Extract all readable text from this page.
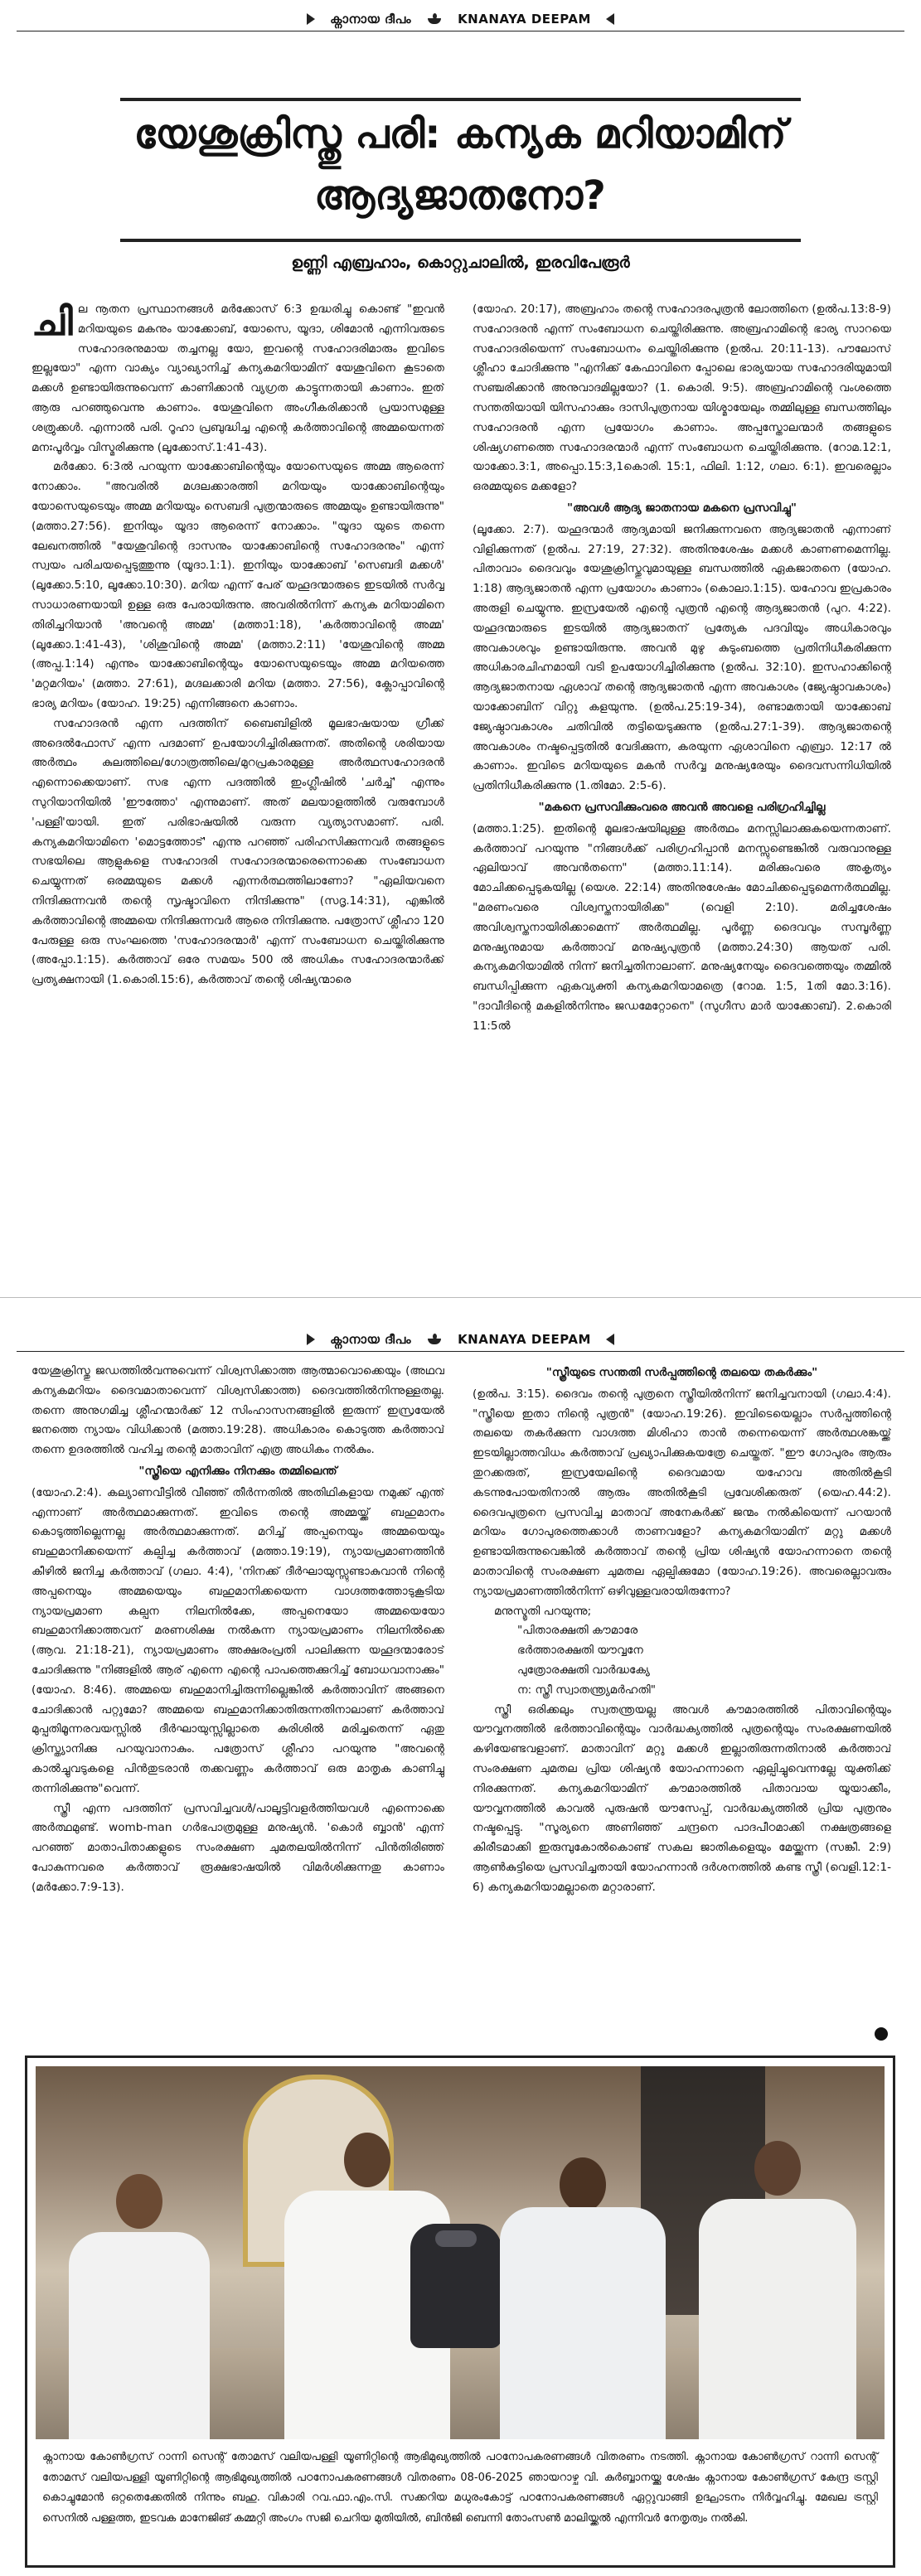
ക്നാനായ ദീപം	KNANAYA DEEPAM
യേശുക്രിസ്തു പരി: കന്യക മറിയാമിന്
ആദ്യജാതനോ?
ഉണ്ണി എബ്രഹാം, കൊറ്റുചാലിൽ, ഇരവിപേരൂർ

ചില നൂതന പ്രസ്ഥാനങ്ങൾ മർക്കോസ് 6:3 ഉദ്ധരിച്ചു കൊണ്ട് "ഇവൻ മറിയയുടെ മകനും യാക്കോബ്, യോസെ, യൂദാ, ശിമോൻ എന്നിവരുടെ സഹോദരനുമായ തച്ചനല്ല യോ, ഇവന്റെ സഹോദരിമാരും ഇവിടെ ഇല്ലയോ" എന്ന വാക്യം വ്യാഖ്യാനിച്ച് കന്യകമറിയാമിന് യേശുവിനെ കൂടാതെ മക്കൾ ഉണ്ടായിരുന്നുവെന്ന് കാണിക്കാൻ വ്യഗ്രത കാട്ടുന്നതായി കാണാം. ഇത് ആരു പറഞ്ഞുവെന്നു കാണാം. യേശുവിനെ അംഗീകരിക്കാൻ പ്രയാസമുള്ള ശത്രുക്കൾ. എന്നാൽ പരി. റൂഹാ പ്രബുദ്ധിച്ച എന്റെ കർത്താവിന്റെ അമ്മയെന്നത് മനഃപൂർവ്വം വിസ്മരിക്കുന്നു (ലൂക്കോസ്.1:41-43).

മർക്കോ. 6:3ൽ പറയുന്ന യാക്കോബിന്റെയും യോസെയുടെ അമ്മ ആരെന്ന് നോക്കാം. "അവരിൽ മഗ്ദലക്കാരത്തി മറിയയും യാക്കോബിന്റെയും യോസെയുടെയും അമ്മ മറിയയും സെബദി പുത്രന്മാരുടെ അമ്മയും ഉണ്ടായിരുന്നു" (മത്താ.27:56). ഇനിയും യൂദാ ആരെന്ന് നോക്കാം. "യൂദാ യുടെ തന്നെ ലേഖനത്തിൽ "യേശുവിന്റെ ദാസനും യാക്കോബിന്റെ സഹോദരനും" എന്ന് സ്വയം പരിചയപ്പെടുത്തുന്നു (യൂദാ.1:1). ഇനിയും യാക്കോബ് 'സെബദി മക്കൾ' (ലൂക്കോ.5:10, ലൂക്കോ.10:30). മറിയ എന്ന് പേര് യഹൂദന്മാരുടെ ഇടയിൽ സർവ്വ സാധാരണയായി ഉള്ള ഒരു പേരായിരുന്നു. അവരിൽനിന്ന് കന്യക മറിയാമിനെ തിരിച്ചറിയാൻ 'അവന്റെ അമ്മ' (മത്താ1:18), 'കർത്താവിന്റെ അമ്മ' (ലൂക്കോ.1:41-43), 'ശിശുവിന്റെ അമ്മ' (മത്താ.2:11) 'യേശുവിന്റെ അമ്മ (അപ്പ.1:14) എന്നും യാക്കോബിന്റെയും യോസെയുടെയും അമ്മ മറിയത്തെ 'മറ്റമറിയം' (മത്താ. 27:61), മഗ്ദലക്കാരി മറിയ (മത്താ. 27:56), ക്ലോപ്പാവിന്റെ ഭാര്യ മറിയം (യോഹ. 19:25) എന്നിങ്ങനെ കാണാം.

സഹോദരൻ എന്ന പദത്തിന് ബൈബിളിൽ മൂലഭാഷയായ ഗ്രീക്ക് അദെൽഫോസ് എന്ന പദമാണ് ഉപയോഗിച്ചിരിക്കുന്നത്. അതിന്റെ ശരിയായ അർത്ഥം കുലത്തിലെ/ഗോത്രത്തിലെ/മുറപ്രകാരമുള്ള അർത്ഥസഹോദരൻ എന്നൊക്കെയാണ്. സഭ എന്ന പദത്തിൽ ഇംഗ്ലീഷിൽ 'ചർച്ച്' എന്നും സുറിയാനിയിൽ 'ഈത്തോ' എന്നുമാണ്. അത് മലയാളത്തിൽ വരുമ്പോൾ 'പള്ളി'യായി. ഇത് പരിഭാഷയിൽ വരുന്ന വ്യത്യാസമാണ്. പരി. കന്യകമറിയാമിനെ 'മൊട്ടത്തോട്' എന്നു പറഞ്ഞ് പരിഹസിക്കുന്നവർ തങ്ങളുടെ സഭയിലെ ആളുകളെ സഹോദരി സഹോദരന്മാരെന്നൊക്കെ സംബോധന ചെയ്യുന്നത് ഒരമ്മയുടെ മക്കൾ എന്നർത്ഥത്തിലാണോ? "ഏലിയവനെ നിന്ദിക്കുന്നവൻ തന്റെ സൃഷ്ടാവിനെ നിന്ദിക്കുന്നു" (സദൃ.14:31), എങ്കിൽ കർത്താവിന്റെ അമ്മയെ നിന്ദിക്കുന്നവർ ആരെ നിന്ദിക്കുന്നു. പത്രോസ് ശ്ലീഹാ 120 പേരുള്ള ഒരു സംഘത്തെ 'സഹോദരന്മാർ' എന്ന് സംബോധന ചെയ്തിരിക്കുന്നു (അപ്പോ.1:15). കർത്താവ് ഒരേ സമയം 500 ൽ അധികം സഹോദരന്മാർക്ക് പ്രത്യക്ഷനായി (1.കൊരി.15:6), കർത്താവ് തന്റെ ശിഷ്യന്മാരെ

(യോഹ. 20:17), അബ്രഹാം തന്റെ സഹോദരപുത്രൻ ലോത്തിനെ (ഉൽപ.13:8-9) സഹോദരൻ എന്ന് സംബോധന ചെയ്തിരിക്കുന്നു. അബ്രഹാമിന്റെ ഭാര്യ സാറയെ സഹോദരിയെന്ന് സംബോധനം ചെയ്തിരിക്കുന്നു (ഉൽപ. 20:11-13). പൗലോസ് ശ്ലീഹാ ചോദിക്കുന്നു "എനിക്ക് കേഫാവിനെ പ്പോലെ ഭാര്യയായ സഹോദരിയുമായി സഞ്ചരിക്കാൻ അനുവാദമില്ലയോ? (1. കൊരി. 9:5). അബ്രഹാമിന്റെ വംശത്തെ സന്തതിയായി യിസഹാക്കും ദാസിപുത്രനായ യിശ്മായേലും തമ്മിലുള്ള ബന്ധത്തിലും സഹോദരൻ എന്ന പ്രയോഗം കാണാം. അപ്പസ്തോലന്മാർ തങ്ങളുടെ ശിഷ്യഗണത്തെ സഹോദരന്മാർ എന്ന് സംബോധന ചെയ്തിരിക്കുന്നു. (റോമ.12:1, യാക്കോ.3:1, അപ്പൊ.15:3,1കൊരി. 15:1, ഫിലി. 1:12, ഗലാ. 6:1). ഇവരെല്ലാം ഒരമ്മയുടെ മക്കളോ?

"അവൾ ആദ്യ ജാതനായ മകനെ പ്രസവിച്ചു"

(ലൂക്കോ. 2:7). യഹൂദന്മാർ ആദ്യമായി ജനിക്കുന്നവനെ ആദ്യജാതൻ എന്നാണ് വിളിക്കുന്നത് (ഉൽപ. 27:19, 27:32). അതിനുശേഷം മക്കൾ കാണണമെന്നില്ല. പിതാവാം ദൈവവും യേശുക്രിസ്തുവുമായുള്ള ബന്ധത്തിൽ ഏകജാതനെ (യോഹ. 1:18) ആദ്യജാതൻ എന്ന പ്രയോഗം കാണാം (കൊലാ.1:15). യഹോവ ഇപ്രകാരം അരുളി ചെയ്യുന്നു. ഇസ്രയേൽ എന്റെ പുത്രൻ എന്റെ ആദ്യജാതൻ (പുറ. 4:22). യഹൂദന്മാരുടെ ഇടയിൽ ആദ്യജാതന് പ്രത്യേക പദവിയും അധികാരവും അവകാശവും ഉണ്ടായിരുന്നു. അവൻ മുഴു കുടുംബത്തെ പ്രതിനിധീകരിക്കുന്ന അധികാരചിഹ്നമായി വടി ഉപയോഗിച്ചിരിക്കുന്നു (ഉൽപ. 32:10). ഇസഹാക്കിന്റെ ആദ്യജാതനായ ഏശാവ് തന്റെ ആദ്യജാതൻ എന്ന അവകാശം (ജ്യേഷ്ഠാവകാശം) യാക്കോബിന് വിറ്റു കളയുന്നു. (ഉൽപ.25:19-34), രണ്ടാമതായി യാക്കോബ് ജ്യേഷ്ഠാവകാശം ചതിവിൽ തട്ടിയെടുക്കുന്നു (ഉൽപ.27:1-39). ആദ്യജാതന്റെ അവകാശം നഷ്ടപ്പെട്ടതിൽ വേദിക്കുന്ന, കരയുന്ന ഏശാവിനെ എബ്രാ. 12:17 ൽ കാണാം. ഇവിടെ മറിയയുടെ മകൻ സർവ്വ മനുഷ്യരേയും ദൈവസന്നിധിയിൽ പ്രതിനിധീകരിക്കുന്നു (1.തിമോ. 2:5-6).

"മകനെ പ്രസവിക്കുംവരെ അവൻ അവളെ പരിഗ്രഹിച്ചില്ല

(മത്താ.1:25). ഇതിന്റെ മൂലഭാഷയിലുള്ള അർത്ഥം മനസ്സിലാക്കുകയെന്നതാണ്. കർത്താവ് പറയുന്നു "നിങ്ങൾക്ക് പരിഗ്രഹിപ്പാൻ മനസ്സുണ്ടെങ്കിൽ വരുവാനുള്ള ഏലിയാവ് അവൻതന്നെ" (മത്താ.11:14). മരിക്കുംവരെ അകൃത്യം മോചിക്കപ്പെടുകയില്ല (യെശ. 22:14) അതിനുശേഷം മോചിക്കപ്പെടുമെന്നർത്ഥമില്ല. "മരണംവരെ വിശ്വസ്തനായിരിക്ക" (വെളി 2:10). മരിച്ചശേഷം അവിശ്വസ്തനായിരിക്കാമെന്ന് അർത്ഥമില്ല. പൂർണ്ണ ദൈവവും സമ്പൂർണ്ണ മനുഷ്യനുമായ കർത്താവ് മനുഷ്യപുത്രൻ (മത്താ.24:30) ആയത് പരി. കന്യകമറിയാമിൽ നിന്ന് ജനിച്ചതിനാലാണ്. മനുഷ്യനേയും ദൈവത്തെയും തമ്മിൽ ബന്ധിപ്പിക്കുന്ന ഏകവ്യക്തി കന്യകമറിയാമത്രെ (റോമ. 1:5, 1തി മോ.3:16). "ദാവീദിന്റെ മകളിൽനിന്നും ജഡമേറ്റോനെ" (സുഗീസ മാർ യാക്കോബ്). 2.കൊരി 11:5ൽ

ക്നാനായ ദീപം	KNANAYA DEEPAM

യേശുക്രിസ്തു ജഡത്തിൽവന്നുവെന്ന് വിശ്വസിക്കാത്ത ആത്മാവൊക്കെയും (അഥവ കന്യകമറിയം ദൈവമാതാവെന്ന് വിശ്വസിക്കാത്ത) ദൈവത്തിൽനിന്നുള്ളതല്ല. തന്നെ അനുഗമിച്ച ശ്ലീഹന്മാർക്ക് 12 സിംഹാസനങ്ങളിൽ ഇരുന്ന് ഇസ്രയേൽ ജനത്തെ ന്യായം വിധിക്കാൻ (മത്താ.19:28). അധികാരം കൊടുത്ത കർത്താവ് തന്നെ ഉദരത്തിൽ വഹിച്ച തന്റെ മാതാവിന് എത്ര അധികം നൽകും.

"സ്ത്രീയെ എനിക്കും നിനക്കും തമ്മിലെന്ത്

(യോഹ.2:4). കല്യാണവീട്ടിൽ വീഞ്ഞ് തീർന്നതിൽ അതിഥികളായ നമുക്ക് എന്ത് എന്നാണ് അർത്ഥമാക്കുന്നത്. ഇവിടെ തന്റെ അമ്മയ്ക്ക് ബഹുമാനം കൊടുത്തില്ലെന്നല്ല അർത്ഥമാക്കുന്നത്. മറിച്ച് അപ്പനെയും അമ്മയെയും ബഹുമാനിക്കയെന്ന് കല്പിച്ച കർത്താവ് (മത്താ.19:19), ന്യായപ്രമാണത്തിൻ കീഴിൽ ജനിച്ച കർത്താവ് (ഗലാ. 4:4), 'നിനക്ക് ദീർഘായുസ്സുണ്ടാകുവാൻ നിന്റെ അപ്പനെയും അമ്മയെയും ബഹുമാനിക്കയെന്ന വാഗ്ദത്തത്തോടുകൂടിയ ന്യായപ്രമാണ കല്പന നിലനിൽക്കേ, അപ്പനെയോ അമ്മയെയോ ബഹുമാനിക്കാത്തവന് മരണശിക്ഷ നൽകുന്ന ന്യായപ്രമാണം നിലനിൽക്കെ (ആവ. 21:18-21), ന്യായപ്രമാണം അക്ഷരംപ്രതി പാലിക്കുന്ന യഹൂദന്മാരോട് ചോദിക്കുന്നു "നിങ്ങളിൽ ആര് എന്നെ എന്റെ പാപത്തെക്കുറിച്ച് ബോധവാനാക്കും" (യോഹ. 8:46). അമ്മയെ ബഹുമാനിച്ചിരുന്നില്ലെങ്കിൽ കർത്താവിന് അങ്ങനെ ചോദിക്കാൻ പറ്റുമോ? അമ്മയെ ബഹുമാനിക്കാതിരുന്നതിനാലാണ് കർത്താവ് മുപ്പതിമൂന്നരവയസ്സിൽ ദീർഘായുസ്സില്ലാതെ കുരിശിൽ മരിച്ചതെന്ന് ഏതു ക്രിസ്ത്യാനിക്കു പറയുവാനാകും. പത്രോസ് ശ്ലീഹാ പറയുന്നു "അവന്റെ കാൽച്ചുവടുകളെ പിൻതുടരാൻ തക്കവണ്ണം കർത്താവ് ഒരു മാതൃക കാണിച്ചു തന്നിരിക്കുന്നു"വെന്ന്.

സ്ത്രീ എന്ന പദത്തിന് പ്രസവിച്ചവൾ/പാലൂട്ടിവളർത്തിയവൾ എന്നൊക്കെ അർത്ഥമുണ്ട്. womb-man ഗർഭപാത്രമുള്ള മനുഷ്യൻ. 'കൊർ ബ്ബാൻ' എന്ന് പറഞ്ഞ് മാതാപിതാക്കളുടെ സംരക്ഷണ ചുമതലയിൽനിന്ന് പിൻതിരിഞ്ഞ് പോകുന്നവരെ കർത്താവ് രൂക്ഷഭാഷയിൽ വിമർശിക്കുന്നതു കാണാം (മർക്കോ.7:9-13).

"സ്ത്രീയുടെ സന്തതി സർപ്പത്തിന്റെ തലയെ തകർക്കും"

(ഉൽപ. 3:15). ദൈവം തന്റെ പുത്രനെ സ്ത്രീയിൽനിന്ന് ജനിച്ചവനായി (ഗലാ.4:4). "സ്ത്രീയെ ഇതാ നിന്റെ പുത്രൻ" (യോഹ.19:26). ഇവിടെയെല്ലാം സർപ്പത്തിന്റെ തലയെ തകർക്കുന്ന വാഗ്ദത്ത മിശിഹാ താൻ തന്നെയെന്ന് അർത്ഥശങ്കയ്ക്ക് ഇടയില്ലാത്തവിധം കർത്താവ് പ്രഖ്യാപിക്കുകയത്രേ ചെയ്തത്. "ഈ ഗോപുരം ആരും തുറക്കരുത്, ഇസ്രയേലിന്റെ ദൈവമായ യഹോവ അതിൽകൂടി കടന്നുപോയതിനാൽ ആരും അതിൽകൂടി പ്രവേശിക്കരുത് (യെഹ.44:2). ദൈവപുത്രനെ പ്രസവിച്ച മാതാവ് അനേകർക്ക് ജന്മം നൽകിയെന്ന് പറയാൻ മറിയം ഗോപുരത്തെക്കാൾ താണവളോ? കന്യകമറിയാമിന് മറ്റു മക്കൾ ഉണ്ടായിരുന്നുവെങ്കിൽ കർത്താവ് തന്റെ പ്രിയ ശിഷ്യൻ യോഹന്നാനെ തന്റെ മാതാവിന്റെ സംരക്ഷണ ചുമതല ഏല്പിക്കുമോ (യോഹ.19:26). അവരെല്ലാവരും ന്യായപ്രമാണത്തിൽനിന്ന് ഒഴിവുള്ളവരായിരുന്നോ?

മനുസ്മൃതി പറയുന്നു;

"പിതാരക്ഷതി കൗമാരേ

ഭർത്താരക്ഷതി യൗവ്വനേ

പുത്രോരക്ഷതി വാർദ്ധക്യേ

ന: സ്ത്രീ സ്വാതന്ത്ര്യമർഹതി"

സ്ത്രീ ഒരിക്കലും സ്വതന്ത്രയല്ല അവൾ കൗമാരത്തിൽ പിതാവിന്റെയും യൗവ്വനത്തിൽ ഭർത്താവിന്റെയും വാർദ്ധക്യത്തിൽ പുത്രന്റെയും സംരക്ഷണയിൽ കഴിയേണ്ടവളാണ്. മാതാവിന് മറ്റു മക്കൾ ഇല്ലാതിരുന്നതിനാൽ കർത്താവ് സംരക്ഷണ ചുമതല പ്രിയ ശിഷ്യൻ യോഹന്നാനെ ഏല്പിച്ചുവെന്നല്ലേ യുക്തിക്ക് നിരക്കുന്നത്. കന്യകമറിയാമിന് കൗമാരത്തിൽ പിതാവായ യൂയാക്കീം, യൗവ്വനത്തിൽ കാവൽ പുരുഷൻ യൗസേപ്പ്, വാർദ്ധക്യത്തിൽ പ്രിയ പുത്രനും നഷ്ടപ്പെട്ടു. "സൂര്യനെ അണിഞ്ഞ് ചന്ദ്രനെ പാദപീഠമാക്കി നക്ഷത്രങ്ങളെ കിരീടമാക്കി ഇരുമ്പുകോൽകൊണ്ട് സകല ജാതികളെയും മേയ്ക്കുന്ന (സങ്കീ. 2:9) ആൺകുട്ടിയെ പ്രസവിച്ചതായി യോഹന്നാൻ ദർശനത്തിൽ കണ്ട സ്ത്രീ (വെളി.12:1-6) കന്യകമറിയാമല്ലാതെ മറ്റാരാണ്.

ക്നാനായ കോൺഗ്രസ് റാന്നി സെന്റ് തോമസ് വലിയപള്ളി യൂണിറ്റിന്റെ ആഭിമുഖ്യത്തിൽ പഠനോപകരണങ്ങൾ വിതരണം നടത്തി. ക്നാനായ കോൺഗ്രസ് റാന്നി സെന്റ് തോമസ് വലിയപള്ളി യൂണിറ്റിന്റെ ആഭിമുഖ്യത്തിൽ പഠനോപകരണങ്ങൾ വിതരണം 08-06-2025 ഞായറാഴ്ച വി. കുർബ്ബാനയ്ക്കു ശേഷം ക്നാനായ കോൺഗ്രസ് കേന്ദ്ര ട്രസ്റ്റി കൊച്ചുമോൻ ഒറ്റതെക്കേതിൽ നിന്നും ബഹു. വികാരി റവ.ഫാ.എം.സി. സക്കറിയ മധുരംകോട്ട് പഠനോപകരണങ്ങൾ ഏറ്റുവാങ്ങി ഉദ്ഘാടനം നിർവ്വഹിച്ചു. മേഖല ട്രസ്റ്റി സെനിൽ പള്ളത്ത, ഇടവക മാനേജിങ് കമ്മറ്റി അംഗം സജി ചെറിയ മുതിയിൽ, ബിൻജി ബെന്നി തോംസൺ മാലിയ്ക്കൽ എന്നിവർ നേതൃത്വം നൽകി.
